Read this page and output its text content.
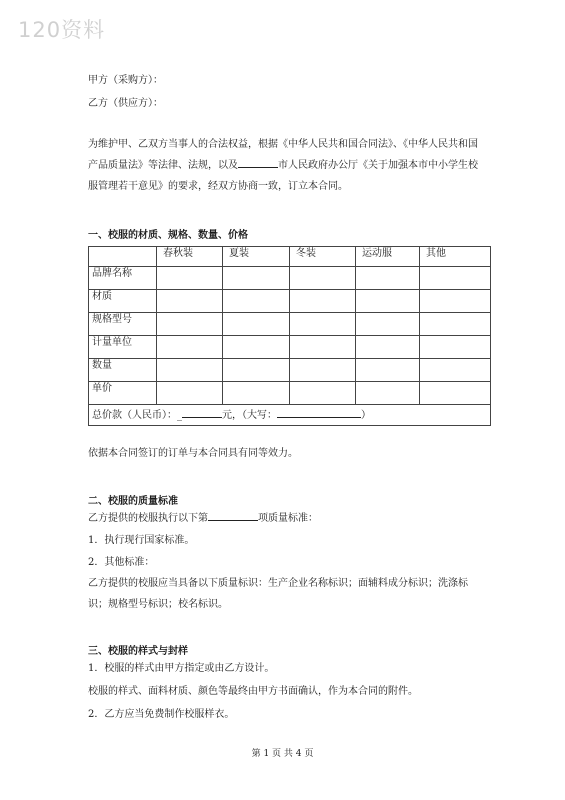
120资料
甲方（采购方）：
乙方（供应方）：
为维护甲、乙双方当事人的合法权益，根据《中华人民共和国合同法》、《中华人民共和国产品质量法》等法律、法规，以及	市人民政府办公厅《关于加强本市中小学生校服管理若干意见》的要求，经双方协商一致，订立本合同。
一、校服的材质、规格、数量、价格
	春秋装	夏装	冬装	运动服	其他
品牌名称					
材质					
规格型号					
计量单位					
数量					
单价					
总价款（人民币）：_ 元，（大写： ）					
依据本合同签订的订单与本合同具有同等效力。
二、校服的质量标准
乙方提供的校服执行以下第	项质量标准：
1．执行现行国家标准。
2．其他标准：
乙方提供的校服应当具备以下质量标识：生产企业名称标识；面辅料成分标识；洗涤标识；规格型号标识；校名标识。
三、校服的样式与封样
1．校服的样式由甲方指定或由乙方设计。
校服的样式、面料材质、颜色等最终由甲方书面确认，作为本合同的附件。
2．乙方应当免费制作校服样衣。
第 1 页 共 4 页
